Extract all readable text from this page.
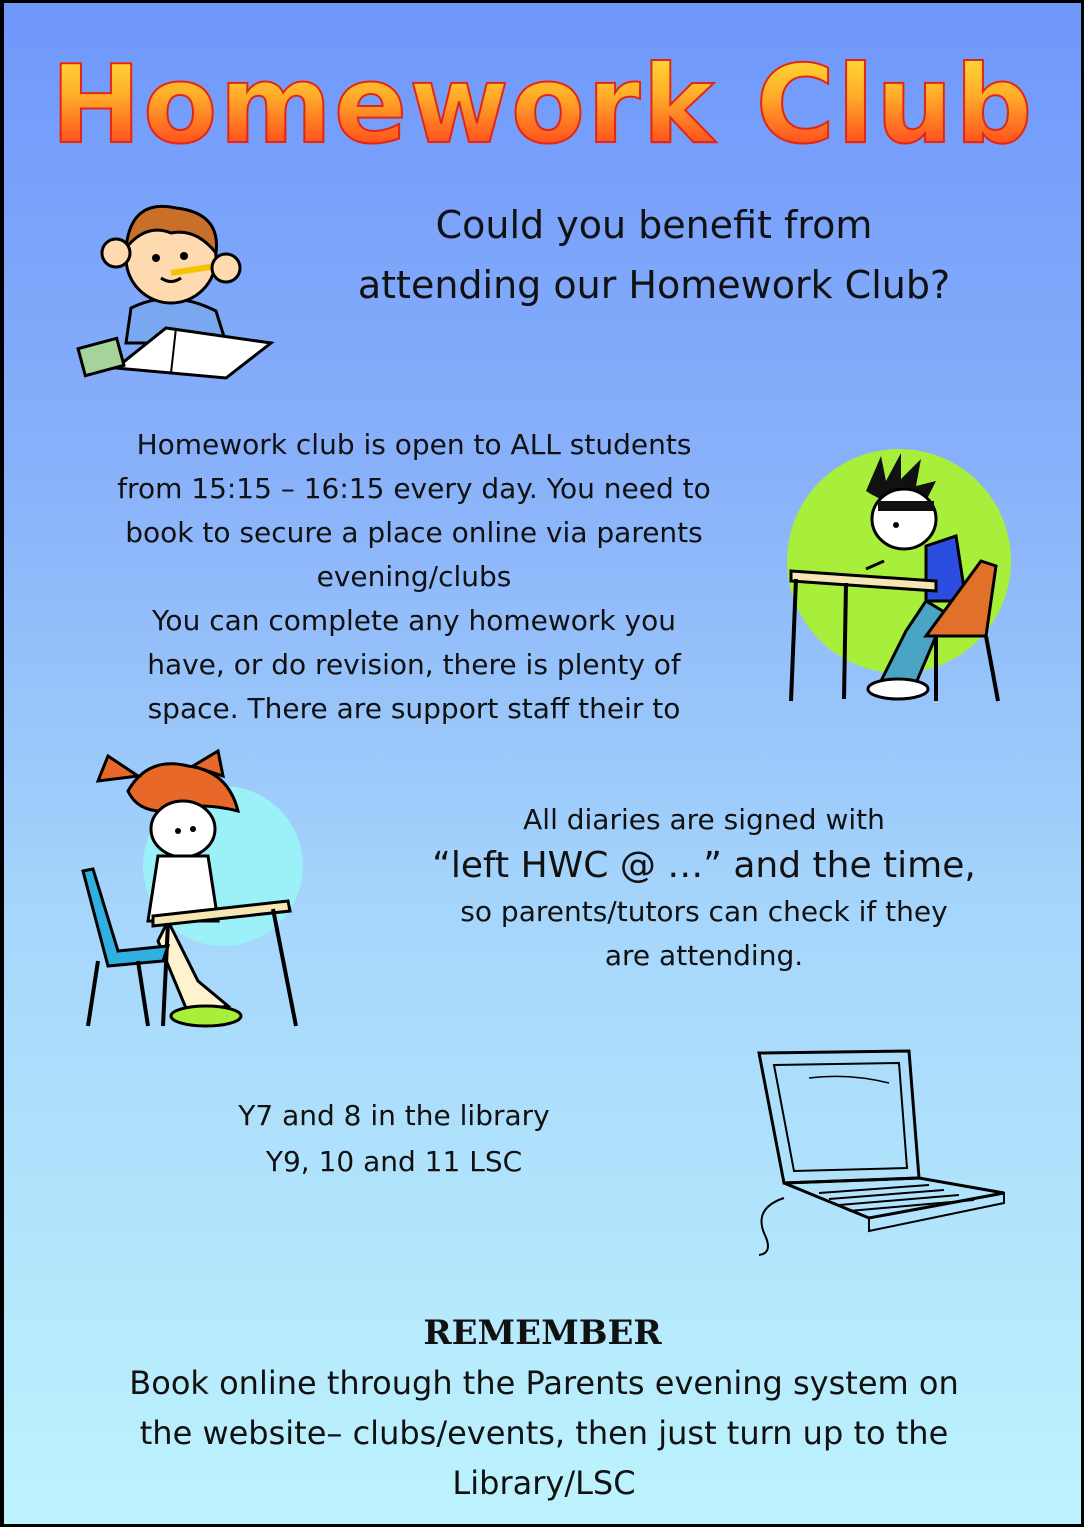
Homework Club

Could you benefit from
attending our Homework Club?

Homework club is open to ALL students
from 15:15 – 16:15 every day. You need to
book to secure a place online via parents
evening/clubs
You can complete any homework you
have, or do revision, there is plenty of
space. There are support staff their to

All diaries are signed with

“left HWC @ …” and the time,
so parents/tutors can check if they
are attending.

Y7 and 8 in the library
Y9, 10 and 11 LSC

REMEMBER

Book online through the Parents evening system on
the website– clubs/events, then just turn up to the
Library/LSC
